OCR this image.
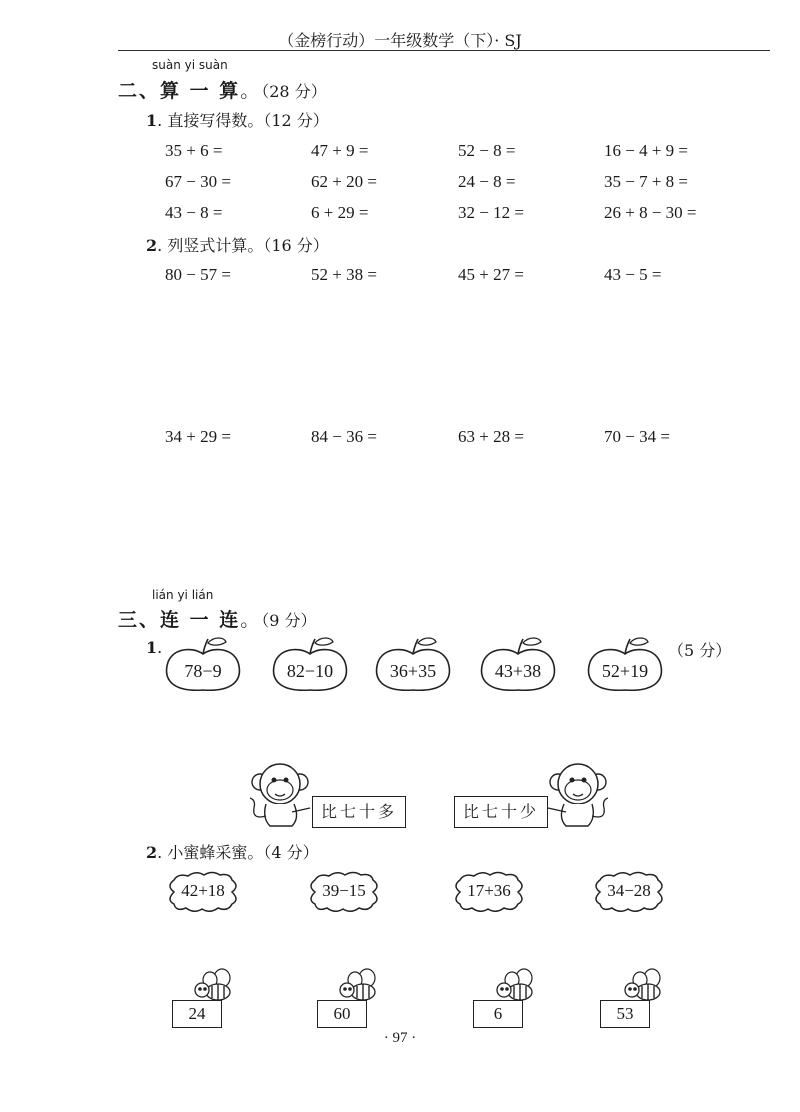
（金榜行动）一年级数学（下）· SJ
suàn yi suàn
二、算 一 算。（28 分）
1. 直接写得数。（12 分）
35 + 6 =	47 + 9 =	52 − 8 =	16 − 4 + 9 =
67 − 30 =	62 + 20 =	24 − 8 =	35 − 7 + 8 =
43 − 8 =	6 + 29 =	32 − 12 =	26 + 8 − 30 =
2. 列竖式计算。（16 分）
80 − 57 =	52 + 38 =	45 + 27 =	43 − 5 =
34 + 29 =	84 − 36 =	63 + 28 =	70 − 34 =
lián yi lián
三、连 一 连。（9 分）
1.	（5 分）
78−9	82−10	36+35	43+38	52+19
比七十多	比七十少
2. 小蜜蜂采蜜。（4 分）
42+18	39−15	17+36	34−28
24	60	6	53
· 97 ·
